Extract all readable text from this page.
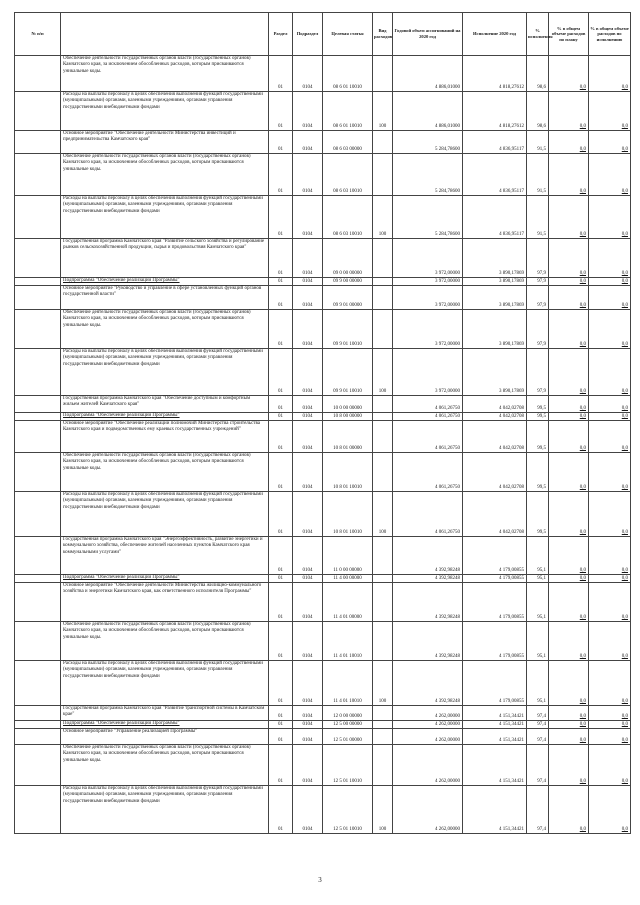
№ п/п		Раздел	Подраздел	Целевая статья	Вид расходов	Годовой объем ассигнований на 2020 год	Исполнение 2020 год	% исполнения	% в общем объеме расходов по плану	% в общем объеме расходов по исполнению
	Обеспечение деятельности государственных органов власти (государственных органов) Камчатского края, за исключением обособленных расходов, которым присваиваются уникальные коды.	01	0104	08 6 01 10010		4 886,01000	4 818,27612	98,6	0,0	0,0
	Расходы на выплаты персоналу в целях обеспечения выполнения функций государственными (муниципальными) органами, казенными учреждениями, органами управления государственными внебюджетными фондами	01	0104	08 6 01 10010	100	4 886,01000	4 818,27612	98,6	0,0	0,0
	Основное мероприятие "Обеспечение деятельности Министерства инвестиций и предпринимательства Камчатского края"	01	0104	08 6 03 00000		5 284,78600	4 836,95117	91,5	0,0	0,0
	Обеспечение деятельности государственных органов власти (государственных органов) Камчатского края, за исключением обособленных расходов, которым присваиваются уникальные коды.	01	0104	08 6 03 10010		5 284,78600	4 836,95117	91,5	0,0	0,0
	Расходы на выплаты персоналу в целях обеспечения выполнения функций государственными (муниципальными) органами, казенными учреждениями, органами управления государственными внебюджетными фондами	01	0104	08 6 03 10010	100	5 284,78600	4 836,95117	91,5	0,0	0,0
	Государственная программа Камчатского края "Развитие сельского хозяйства и регулирование рынков сельскохозяйственной продукции, сырья и продовольствия Камчатского края"	01	0104	09 0 00 00000		3 972,00000	3 890,17869	97,9	0,0	0,0
	Подпрограмма "Обеспечение реализации Программы"	01	0104	09 9 00 00000		3 972,00000	3 890,17869	97,9	0,0	0,0
	Основное мероприятие "Руководство и управление в сфере установленных функций органов государственной власти"	01	0104	09 9 01 00000		3 972,00000	3 890,17869	97,9	0,0	0,0
	Обеспечение деятельности государственных органов власти (государственных органов) Камчатского края, за исключением обособленных расходов, которым присваиваются уникальные коды.	01	0104	09 9 01 10010		3 972,00000	3 890,17869	97,9	0,0	0,0
	Расходы на выплаты персоналу в целях обеспечения выполнения функций государственными (муниципальными) органами, казенными учреждениями, органами управления государственными внебюджетными фондами	01	0104	09 9 01 10010	100	3 972,00000	3 890,17869	97,9	0,0	0,0
	Государственная программа Камчатского края "Обеспечение доступным и комфортным жильем жителей Камчатского края"	01	0104	10 0 00 00000		4 061,26750	4 042,02708	99,5	0,0	0,0
	Подпрограмма "Обеспечение реализации Программы"	01	0104	10 8 00 00000		4 061,26750	4 042,02708	99,5	0,0	0,0
	Основное мероприятие "Обеспечение реализации полномочий Министерства строительства Камчатского края и подведомственных ему краевых государственных учреждений"	01	0104	10 8 01 00000		4 061,26750	4 042,02708	99,5	0,0	0,0
	Обеспечение деятельности государственных органов власти (государственных органов) Камчатского края, за исключением обособленных расходов, которым присваиваются уникальные коды.	01	0104	10 8 01 10010		4 061,26750	4 042,02708	99,5	0,0	0,0
	Расходы на выплаты персоналу в целях обеспечения выполнения функций государственными (муниципальными) органами, казенными учреждениями, органами управления государственными внебюджетными фондами	01	0104	10 8 01 10010	100	4 061,26750	4 042,02708	99,5	0,0	0,0
	Государственная программа Камчатского края "Энергоэффективность, развитие энергетики и коммунального хозяйства, обеспечение жителей населенных пунктов Камчатского края коммунальными услугами"	01	0104	11 0 00 00000		4 392,98248	4 179,00855	95,1	0,0	0,0
	Подпрограмма "Обеспечение реализации Программы"	01	0104	11 4 00 00000		4 392,98248	4 179,00855	95,1	0,0	0,0
	Основное мероприятие "Обеспечение деятельности Министерства жилищно-коммунального хозяйства и энергетики Камчатского края, как ответственного исполнителя Программы"	01	0104	11 4 01 00000		4 392,98248	4 179,00855	95,1	0,0	0,0
	Обеспечение деятельности государственных органов власти (государственных органов) Камчатского края, за исключением обособленных расходов, которым присваиваются уникальные коды.	01	0104	11 4 01 10010		4 392,98248	4 179,00855	95,1	0,0	0,0
	Расходы на выплаты персоналу в целях обеспечения выполнения функций государственными (муниципальными) органами, казенными учреждениями, органами управления государственными внебюджетными фондами	01	0104	11 4 01 10010	100	4 392,98248	4 179,00855	95,1	0,0	0,0
	Государственная программа Камчатского края "Развитие транспортной системы в Камчатском крае"	01	0104	12 0 00 00000		4 262,00000	4 151,34421	97,4	0,0	0,0
	Подпрограмма "Обеспечение реализации Программы"	01	0104	12 5 00 00000		4 262,00000	4 151,34421	97,4	0,0	0,0
	Основное мероприятие "Управление реализацией Программы"	01	0104	12 5 01 00000		4 262,00000	4 151,34421	97,4	0,0	0,0
	Обеспечение деятельности государственных органов власти (государственных органов) Камчатского края, за исключением обособленных расходов, которым присваиваются уникальные коды.	01	0104	12 5 01 10010		4 262,00000	4 151,34421	97,4	0,0	0,0
	Расходы на выплаты персоналу в целях обеспечения выполнения функций государственными (муниципальными) органами, казенными учреждениями, органами управления государственными внебюджетными фондами	01	0104	12 5 01 10010	100	4 262,00000	4 151,34421	97,4	0,0	0,0
3
